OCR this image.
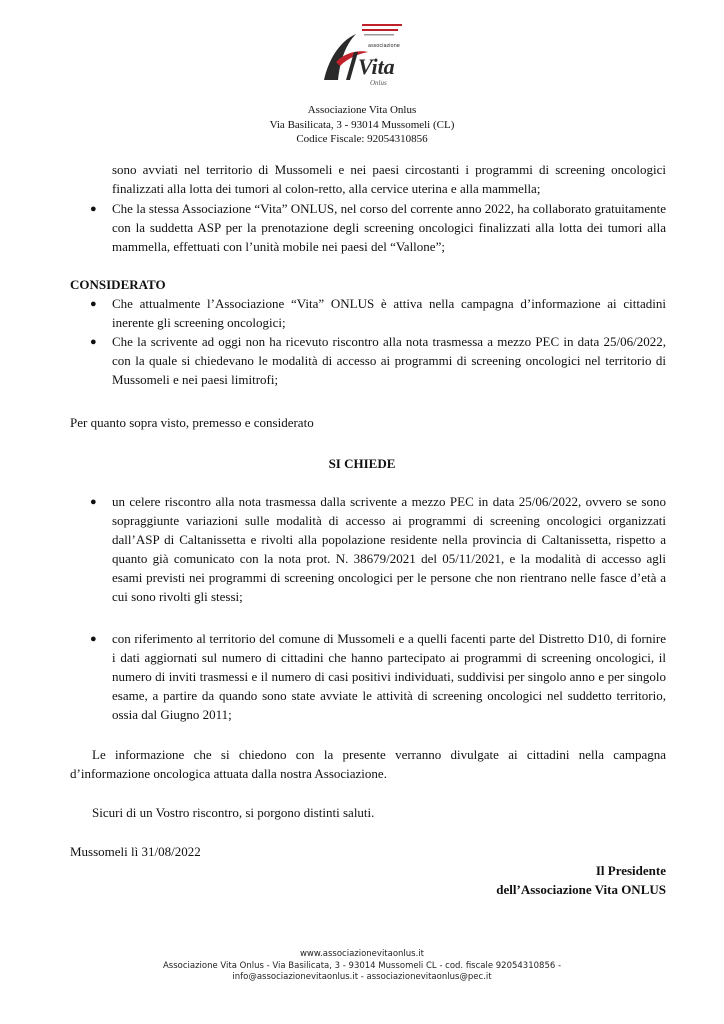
associazione
Vita
Onlus
Associazione Vita Onlus
Via Basilicata, 3 - 93014 Mussomeli (CL)
Codice Fiscale: 92054310856
sono avviati nel territorio di Mussomeli e nei paesi circostanti i programmi di screening oncologici finalizzati alla lotta dei tumori al colon-retto, alla cervice uterina e alla mammella;
● Che la stessa Associazione “Vita” ONLUS, nel corso del corrente anno 2022, ha collaborato gratuitamente con la suddetta ASP per la prenotazione degli screening oncologici finalizzati alla lotta dei tumori alla mammella, effettuati con l’unità mobile nei paesi del “Vallone”;
CONSIDERATO
● Che attualmente l’Associazione “Vita” ONLUS è attiva nella campagna d’informazione ai cittadini inerente gli screening oncologici;
● Che la scrivente ad oggi non ha ricevuto riscontro alla nota trasmessa a mezzo PEC in data 25/06/2022, con la quale si chiedevano le modalità di accesso ai programmi di screening oncologici nel territorio di Mussomeli e nei paesi limitrofi;
Per quanto sopra visto, premesso e considerato
SI CHIEDE
● un celere riscontro alla nota trasmessa dalla scrivente a mezzo PEC in data 25/06/2022, ovvero se sono sopraggiunte variazioni sulle modalità di accesso ai programmi di screening oncologici organizzati dall’ASP di Caltanissetta e rivolti alla popolazione residente nella provincia di Caltanissetta, rispetto a quanto già comunicato con la nota prot. N. 38679/2021 del 05/11/2021, e la modalità di accesso agli esami previsti nei programmi di screening oncologici per le persone che non rientrano nelle fasce d’età a cui sono rivolti gli stessi;
● con riferimento al territorio del comune di Mussomeli e a quelli facenti parte del Distretto D10, di fornire i dati aggiornati sul numero di cittadini che hanno partecipato ai programmi di screening oncologici, il numero di inviti trasmessi e il numero di casi positivi individuati, suddivisi per singolo anno e per singolo esame, a partire da quando sono state avviate le attività di screening oncologici nel suddetto territorio, ossia dal Giugno 2011;
Le informazione che si chiedono con la presente verranno divulgate ai cittadini nella campagna d’informazione oncologica attuata dalla nostra Associazione.
Sicuri di un Vostro riscontro, si porgono distinti saluti.
Mussomeli lì 31/08/2022
Il Presidente
dell’Associazione Vita ONLUS
www.associazionevitaonlus.it
Associazione Vita Onlus - Via Basilicata, 3 - 93014 Mussomeli CL - cod. fiscale 92054310856 -
info@associazionevitaonlus.it - associazionevitaonlus@pec.it
